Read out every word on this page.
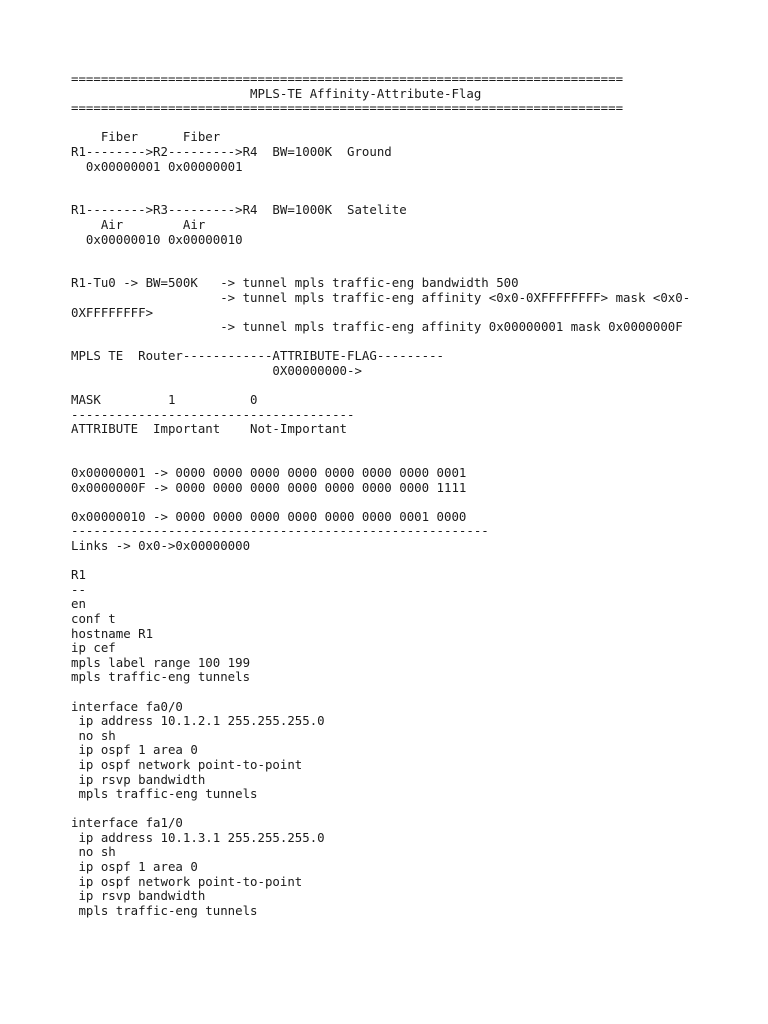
==========================================================================
MPLS-TE Affinity-Attribute-Flag
==========================================================================
Fiber      Fiber
R1-------->R2--------->R4  BW=1000K  Ground
0x00000001 0x00000001
R1-------->R3--------->R4  BW=1000K  Satelite
Air        Air
0x00000010 0x00000010
R1-Tu0 -> BW=500K   -> tunnel mpls traffic-eng bandwidth 500
-> tunnel mpls traffic-eng affinity <0x0-0XFFFFFFFF> mask <0x0-
0XFFFFFFFF>
-> tunnel mpls traffic-eng affinity 0x00000001 mask 0x0000000F
MPLS TE  Router------------ATTRIBUTE-FLAG---------
0X00000000->
MASK         1          0
--------------------------------------
ATTRIBUTE  Important    Not-Important
0x00000001 -> 0000 0000 0000 0000 0000 0000 0000 0001
0x0000000F -> 0000 0000 0000 0000 0000 0000 0000 1111
0x00000010 -> 0000 0000 0000 0000 0000 0000 0001 0000
--------------------------------------------------------
Links -> 0x0->0x00000000
R1
--
en
conf t
hostname R1
ip cef
mpls label range 100 199
mpls traffic-eng tunnels
interface fa0/0
ip address 10.1.2.1 255.255.255.0
no sh
ip ospf 1 area 0
ip ospf network point-to-point
ip rsvp bandwidth
mpls traffic-eng tunnels
interface fa1/0
ip address 10.1.3.1 255.255.255.0
no sh
ip ospf 1 area 0
ip ospf network point-to-point
ip rsvp bandwidth
mpls traffic-eng tunnels
